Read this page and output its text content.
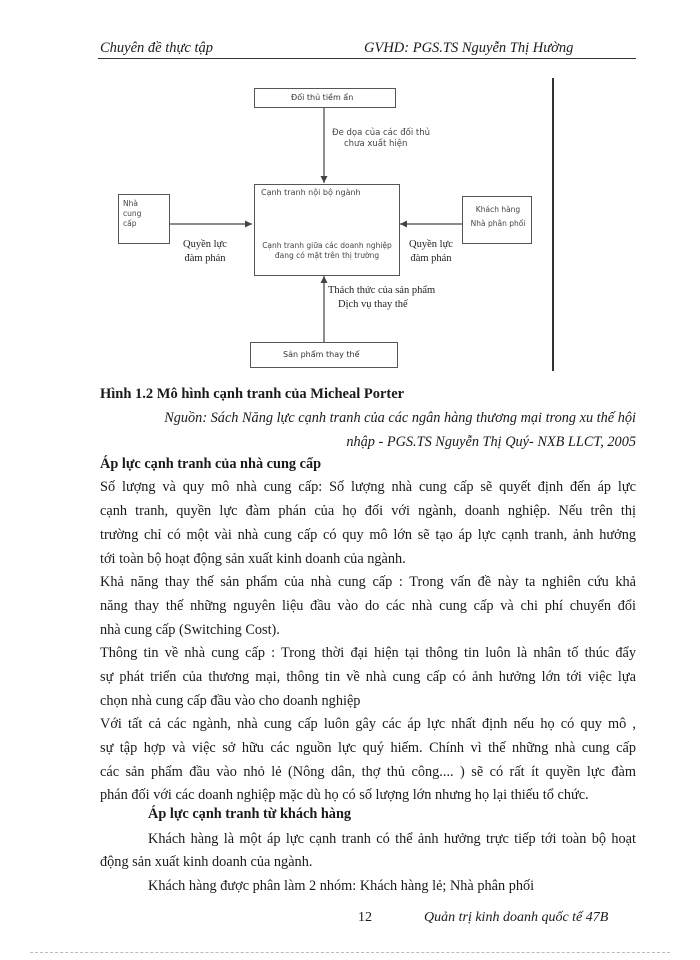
Chuyên đề thực tập	GVHD: PGS.TS Nguyễn Thị Hường
Đối thủ tiềm ẩn
Đe dọa của các đối thủ
chưa xuất hiện
Cạnh tranh nội bộ ngành
Cạnh tranh giữa các doanh nghiệp
đang có mặt trên thị trường
Nhà
cung
cấp
Khách hàng
Nhà phân phối
Quyền lực
đàm phán
Quyền lực
đàm phán
Thách thức của sản phẩm
Dịch vụ thay thế
Sản phẩm thay thế
Hình 1.2 Mô hình cạnh tranh của Micheal Porter
Nguồn: Sách Năng lực cạnh tranh của các ngân hàng thương mại trong xu thế hội
nhập - PGS.TS Nguyễn Thị Quý- NXB LLCT, 2005
Áp lực cạnh tranh của nhà cung cấp
Số lượng và quy mô nhà cung cấp: Số lượng nhà cung cấp sẽ quyết định đến áp lực
cạnh tranh, quyền lực đàm phán của họ đối với ngành, doanh nghiệp. Nếu trên thị
trường chỉ có một vài nhà cung cấp có quy mô lớn sẽ tạo áp lực cạnh tranh, ảnh hưởng
tới toàn bộ hoạt động sản xuất kinh doanh của ngành.
Khả năng thay thế sản phẩm của nhà cung cấp : Trong vấn đề này ta nghiên cứu khả
năng thay thế những nguyên liệu đầu vào do các nhà cung cấp và chi phí chuyển đổi
nhà cung cấp (Switching Cost).
Thông tin về nhà cung cấp : Trong thời đại hiện tại thông tin luôn là nhân tố thúc đẩy
sự phát triển của thương mại, thông tin về nhà cung cấp có ảnh hưởng lớn tới việc lựa
chọn nhà cung cấp đầu vào cho doanh nghiệp
Với tất cả các ngành, nhà cung cấp luôn gây các áp lực nhất định nếu họ có quy mô ,
sự tập hợp và việc sở hữu các nguồn lực quý hiếm. Chính vì thế những nhà cung cấp
các sản phẩm đầu vào nhỏ lẻ (Nông dân, thợ thủ công.... ) sẽ có rất ít quyền lực đàm
phán đối với các doanh nghiệp mặc dù họ có số lượng lớn nhưng họ lại thiếu tổ chức.
Áp lực cạnh tranh từ khách hàng
Khách hàng là một áp lực cạnh tranh có thể ảnh hưởng trực tiếp tới toàn bộ hoạt
động sản xuất kinh doanh của ngành.
Khách hàng được phân làm 2 nhóm: Khách hàng lẻ; Nhà phân phối
12	Quản trị kinh doanh quốc tế 47B
